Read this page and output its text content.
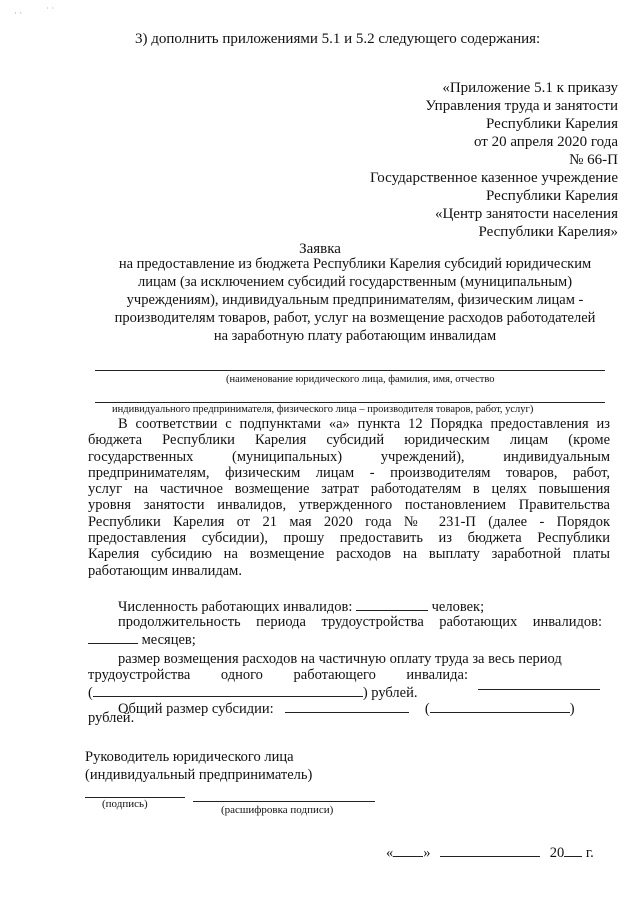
· ·	˙ ˙
3) дополнить приложениями 5.1 и 5.2 следующего содержания:
«Приложение 5.1 к приказу
Управления труда и занятости
Республики Карелия
от 20 апреля 2020 года
№ 66-П
Государственное казенное учреждение
Республики Карелия
«Центр занятости населения
Республики Карелия»
Заявка
на предоставление из бюджета Республики Карелия субсидий юридическим
лицам (за исключением субсидий государственным (муниципальным)
учреждениям), индивидуальным предпринимателям, физическим лицам -
производителям товаров, работ, услуг на возмещение расходов работодателей
на заработную плату работающим инвалидам
(наименование юридического лица, фамилия, имя, отчество
индивидуального предпринимателя, физического лица – производителя товаров, работ, услуг)
В соответствии с подпунктами «а» пункта 12 Порядка предоставления из
бюджета Республики Карелия субсидий юридическим лицам (кроме
государственных (муниципальных) учреждений), индивидуальным
предпринимателям, физическим лицам - производителям товаров, работ,
услуг на частичное возмещение затрат работодателям в целях повышения
уровня занятости инвалидов, утвержденного постановлением Правительства
Республики Карелия от 21 мая 2020 года № 231-П (далее - Порядок
предоставления субсидии), прошу предоставить из бюджета Республики
Карелия субсидию на возмещение расходов на выплату заработной платы
работающим инвалидам.
Численность работающих инвалидов:	человек;
продолжительность периода трудоустройства работающих инвалидов:
месяцев;
размер возмещения расходов на частичную оплату труда за весь период
трудоустройства одного работающего инвалида:
(	) рублей.
Общий размер субсидии:	(	)
рублей.
Руководитель юридического лица
(индивидуальный предприниматель)
(подпись)	(расшифровка подписи)
« »	20 г.
